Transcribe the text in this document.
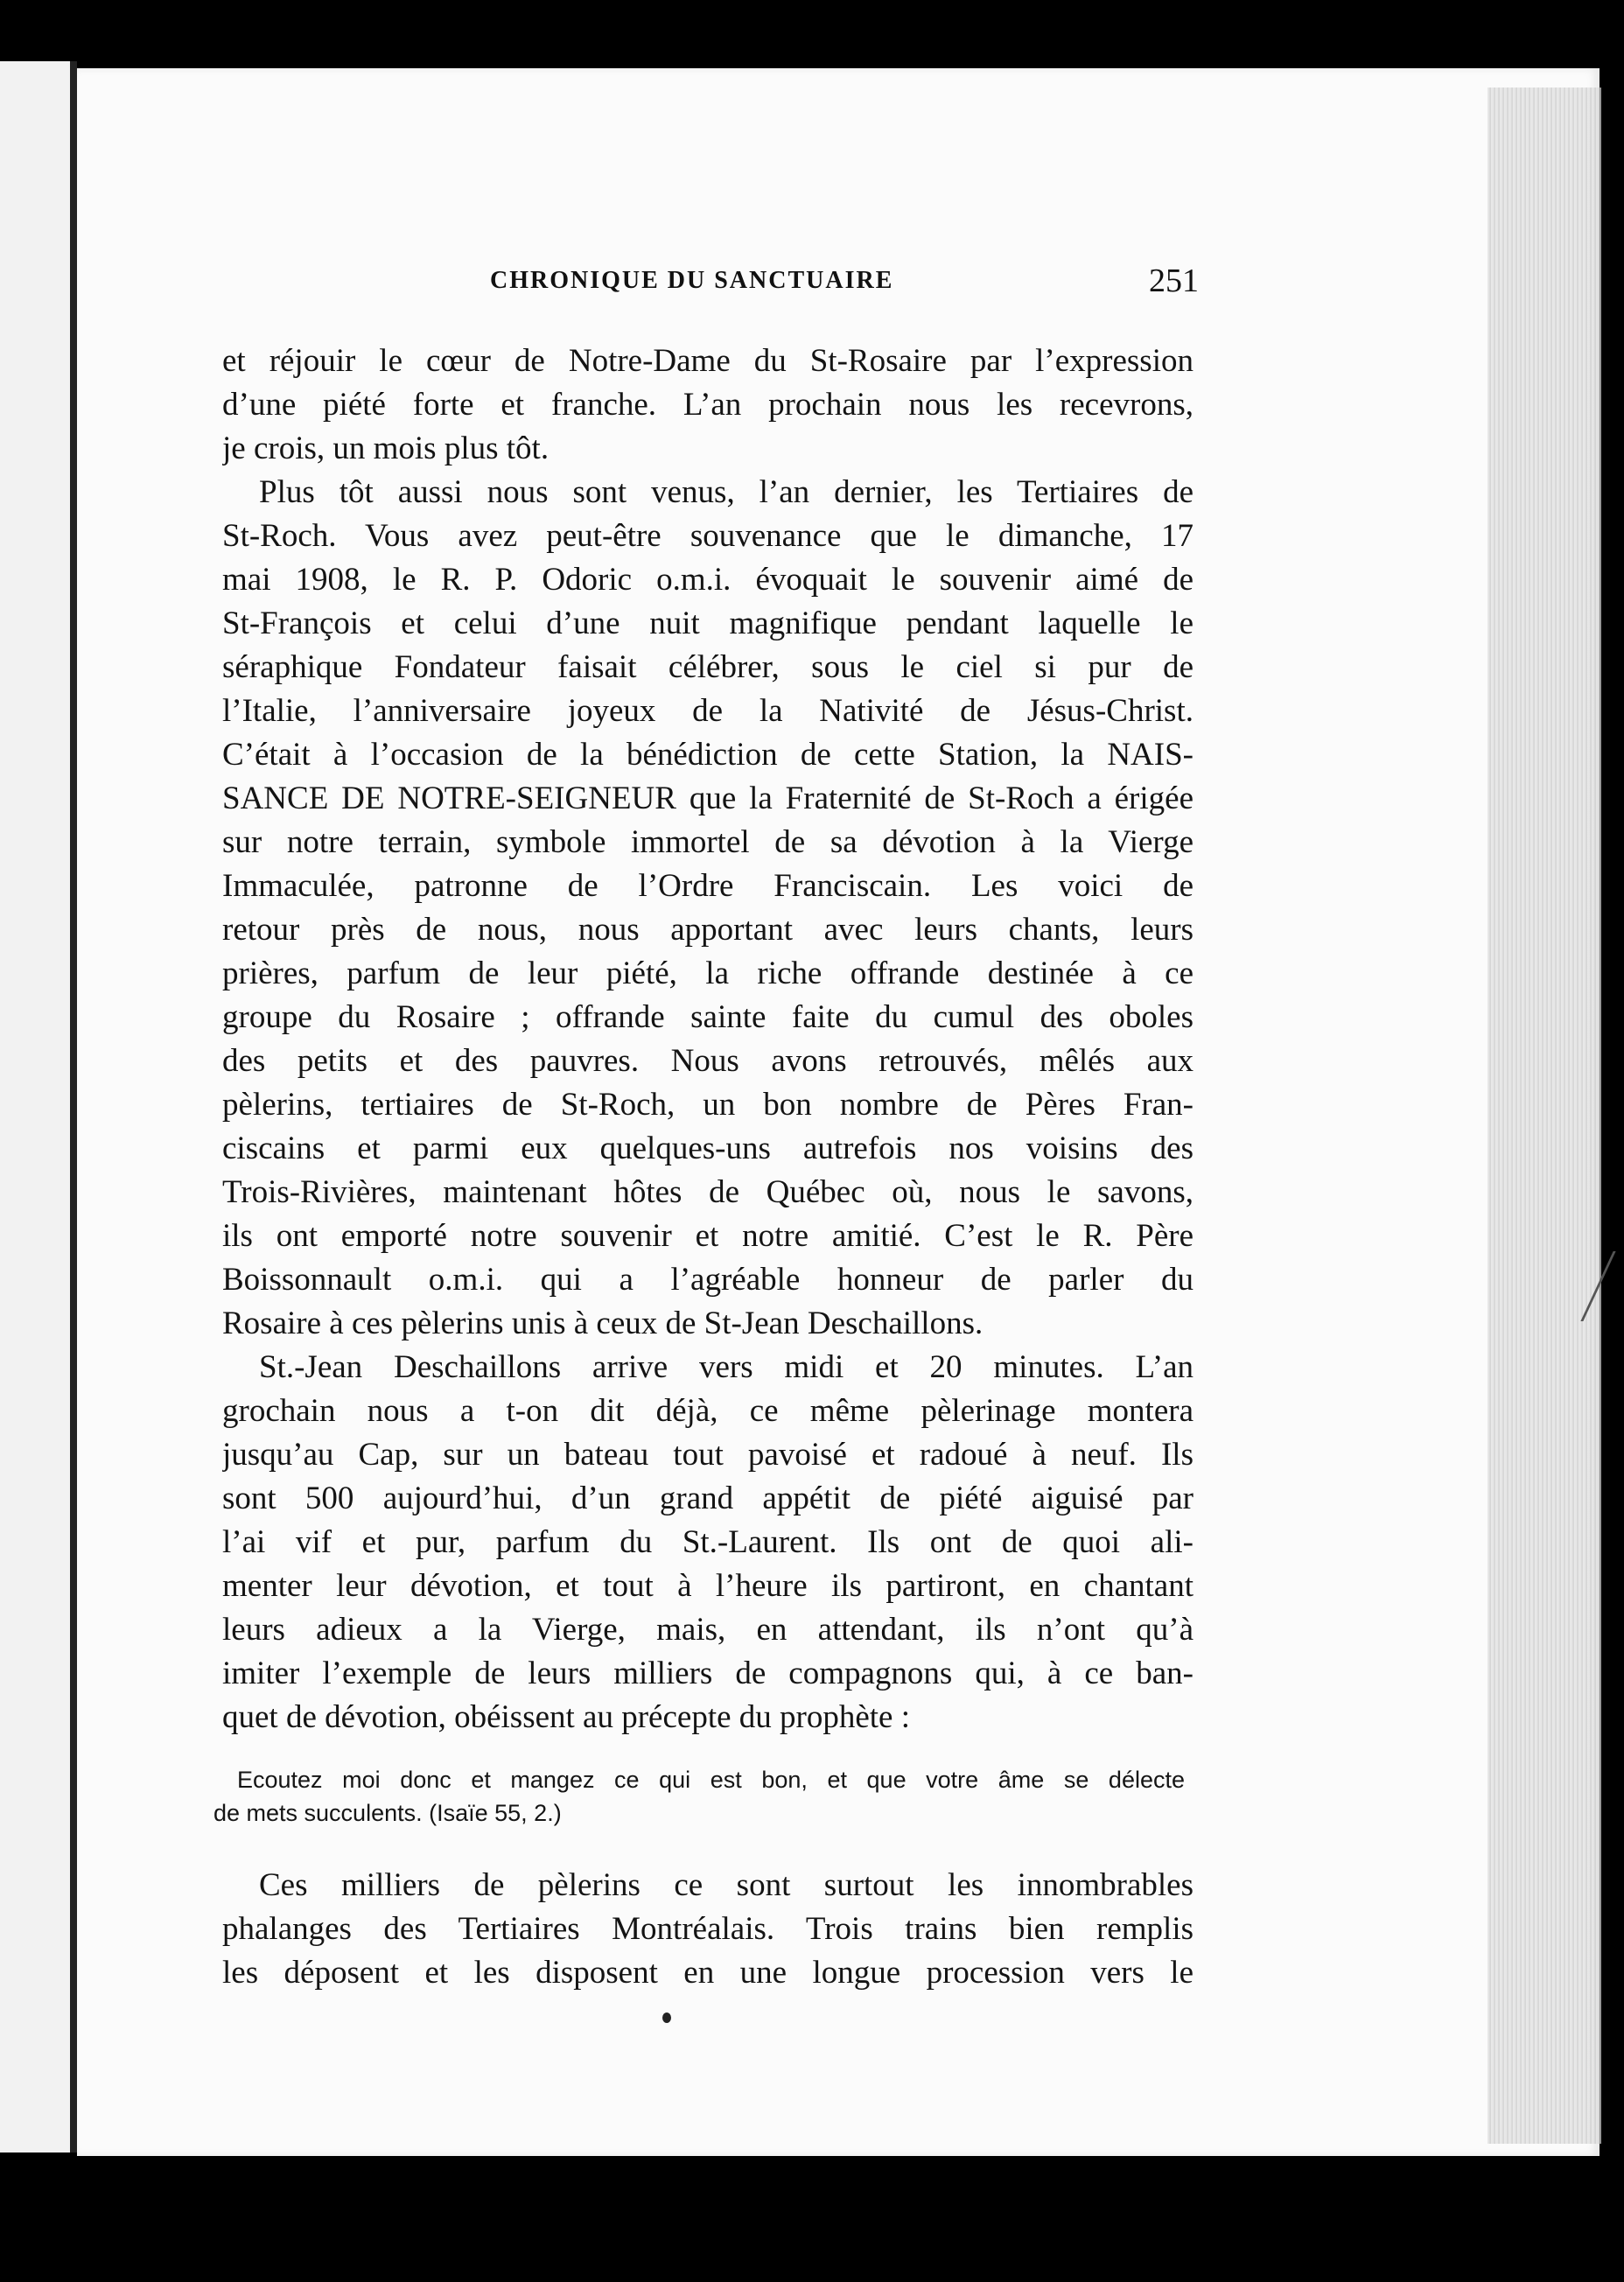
CHRONIQUE DU SANCTUAIRE	251
et réjouir le cœur de Notre-Dame du St-Rosaire par l’expression
d’une piété forte et franche. L’an prochain nous les recevrons,
je crois, un mois plus tôt.
Plus tôt aussi nous sont venus, l’an dernier, les Tertiaires de
St-Roch. Vous avez peut-être souvenance que le dimanche, 17
mai 1908, le R. P. Odoric o.m.i. évoquait le souvenir aimé de
St-François et celui d’une nuit magnifique pendant laquelle le
séraphique Fondateur faisait célébrer, sous le ciel si pur de
l’Italie, l’anniversaire joyeux de la Nativité de Jésus-Christ.
C’était à l’occasion de la bénédiction de cette Station, la NAIS-
SANCE DE NOTRE-SEIGNEUR que la Fraternité de St-Roch a érigée
sur notre terrain, symbole immortel de sa dévotion à la Vierge
Immaculée, patronne de l’Ordre Franciscain. Les voici de
retour près de nous, nous apportant avec leurs chants, leurs
prières, parfum de leur piété, la riche offrande destinée à ce
groupe du Rosaire ; offrande sainte faite du cumul des oboles
des petits et des pauvres. Nous avons retrouvés, mêlés aux
pèlerins, tertiaires de St-Roch, un bon nombre de Pères Fran-
ciscains et parmi eux quelques-uns autrefois nos voisins des
Trois-Rivières, maintenant hôtes de Québec où, nous le savons,
ils ont emporté notre souvenir et notre amitié. C’est le R. Père
Boissonnault o.m.i. qui a l’agréable honneur de parler du
Rosaire à ces pèlerins unis à ceux de St-Jean Deschaillons.
St.-Jean Deschaillons arrive vers midi et 20 minutes. L’an
grochain nous a t-on dit déjà, ce même pèlerinage montera
jusqu’au Cap, sur un bateau tout pavoisé et radoué à neuf. Ils
sont 500 aujourd’hui, d’un grand appétit de piété aiguisé par
l’ai vif et pur, parfum du St.-Laurent. Ils ont de quoi ali-
menter leur dévotion, et tout à l’heure ils partiront, en chantant
leurs adieux a la Vierge, mais, en attendant, ils n’ont qu’à
imiter l’exemple de leurs milliers de compagnons qui, à ce ban-
quet de dévotion, obéissent au précepte du prophète :
Ecoutez moi donc et mangez ce qui est bon, et que votre âme se délecte
de mets succulents. (Isaïe 55, 2.)
Ces milliers de pèlerins ce sont surtout les innombrables
phalanges des Tertiaires Montréalais. Trois trains bien remplis
les déposent et les disposent en une longue procession vers le
